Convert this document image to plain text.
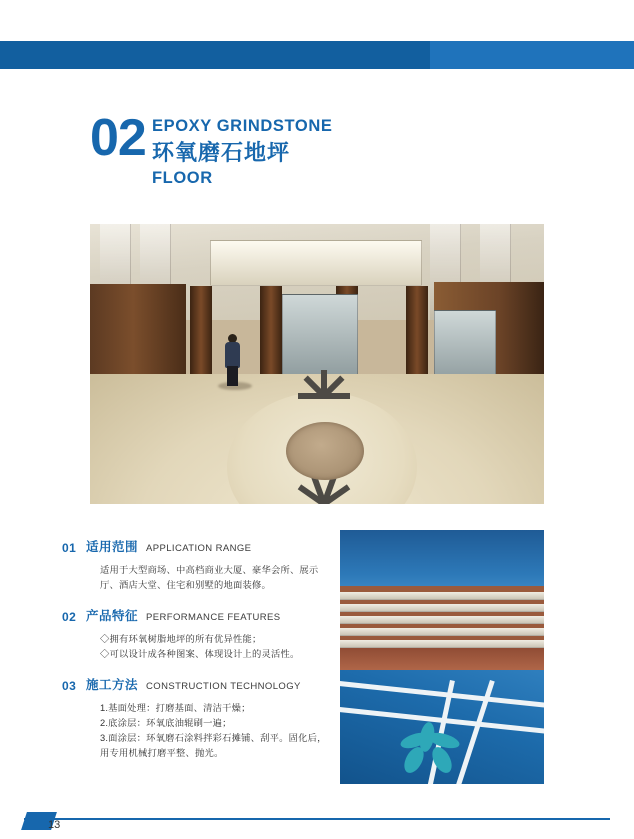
02 EPOXY GRINDSTONE
环氧磨石地坪
FLOOR
01 适用范围 APPLICATION RANGE

适用于大型商场、中高档商业大厦、豪华会所、展示

厅、酒店大堂、住宅和别墅的地面装修。

02 产品特征 PERFORMANCE FEATURES

◇拥有环氧树脂地坪的所有优异性能；

◇可以设计成各种图案、体现设计上的灵活性。

03 施工方法 CONSTRUCTION TECHNOLOGY

1.基面处理：打磨基面、清洁干燥；

2.底涂层：环氧底油辊刷一遍；

3.面涂层：环氧磨石涂料拌彩石摊铺、刮平。固化后，

用专用机械打磨平整、抛光。

13
